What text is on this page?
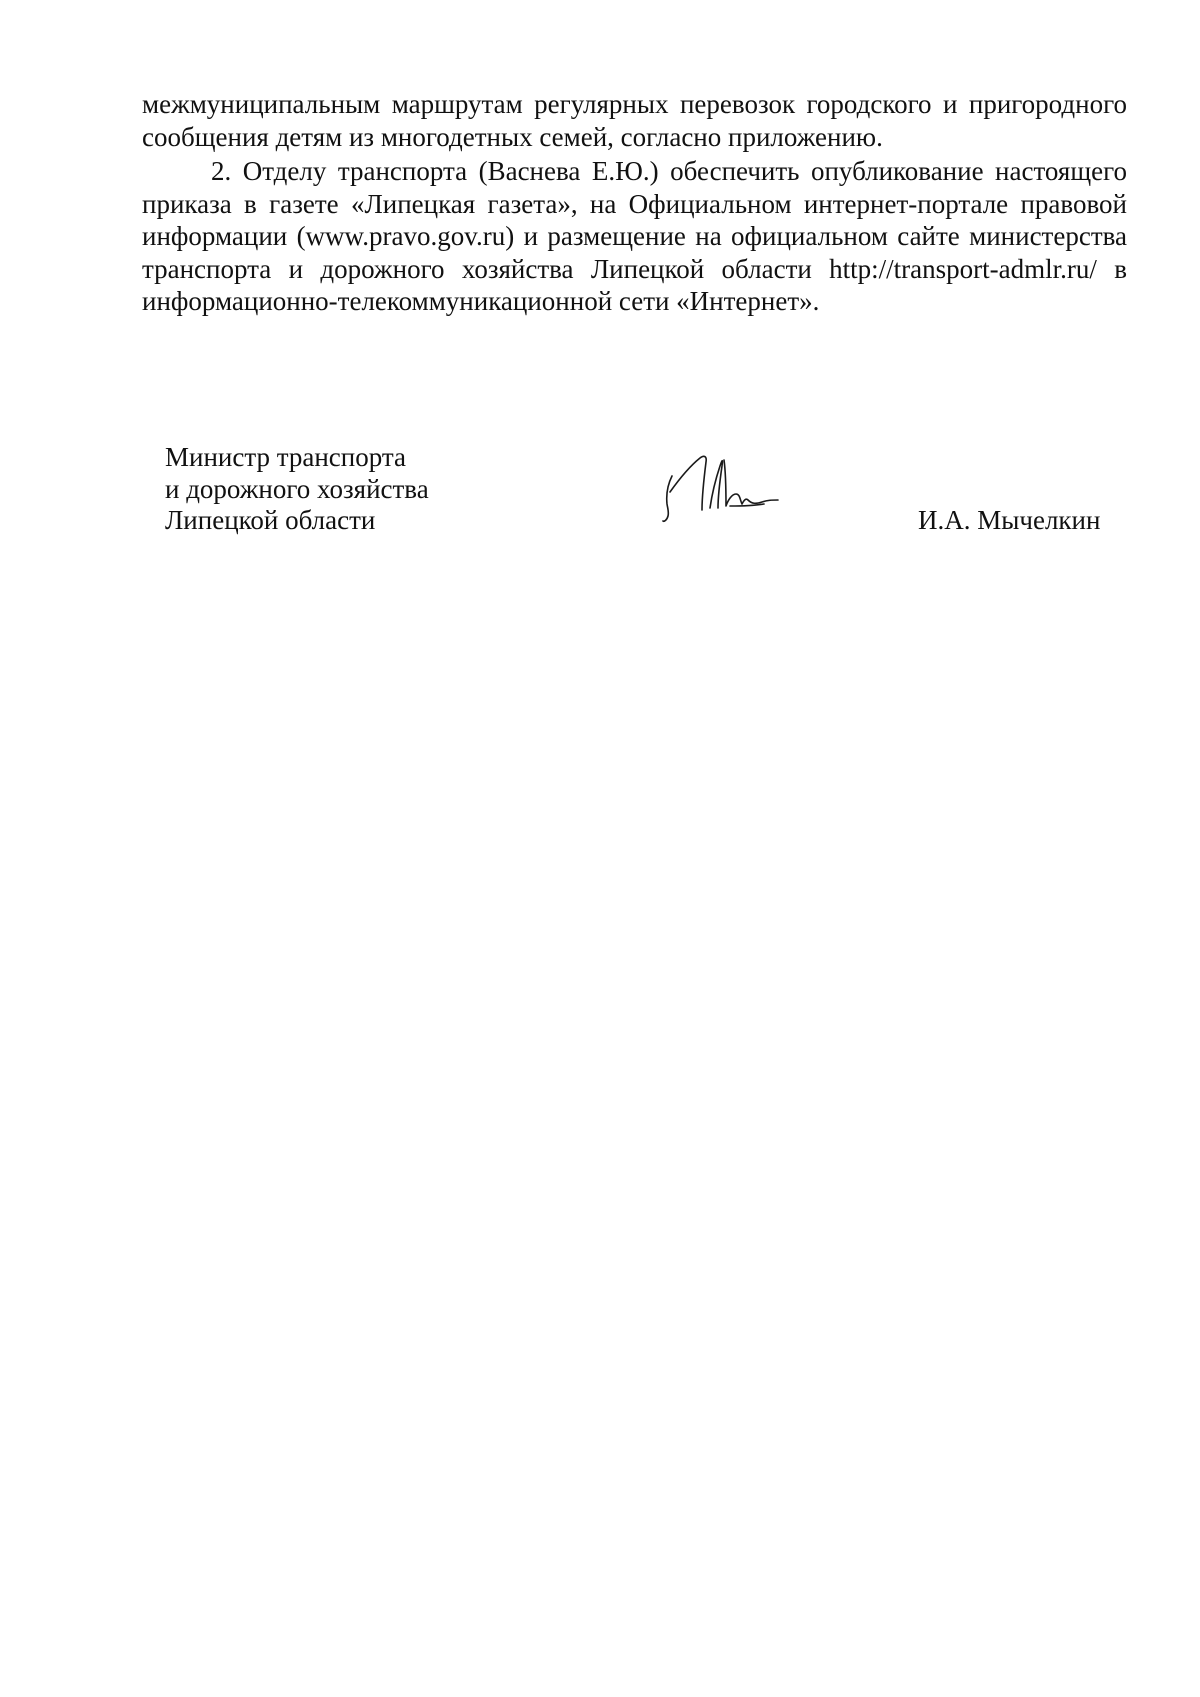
межмуниципальным маршрутам регулярных перевозок городского и пригородного сообщения детям из многодетных семей, согласно приложению.

2. Отделу транспорта (Васнева Е.Ю.) обеспечить опубликование настоящего приказа в газете «Липецкая газета», на Официальном интернет-портале правовой информации (www.pravo.gov.ru) и размещение на официальном сайте министерства транспорта и дорожного хозяйства Липецкой области http://transport-admlr.ru/ в информационно-телекоммуникационной сети «Интернет».

Министр транспорта
и дорожного хозяйства
Липецкой области	И.А. Мычелкин
